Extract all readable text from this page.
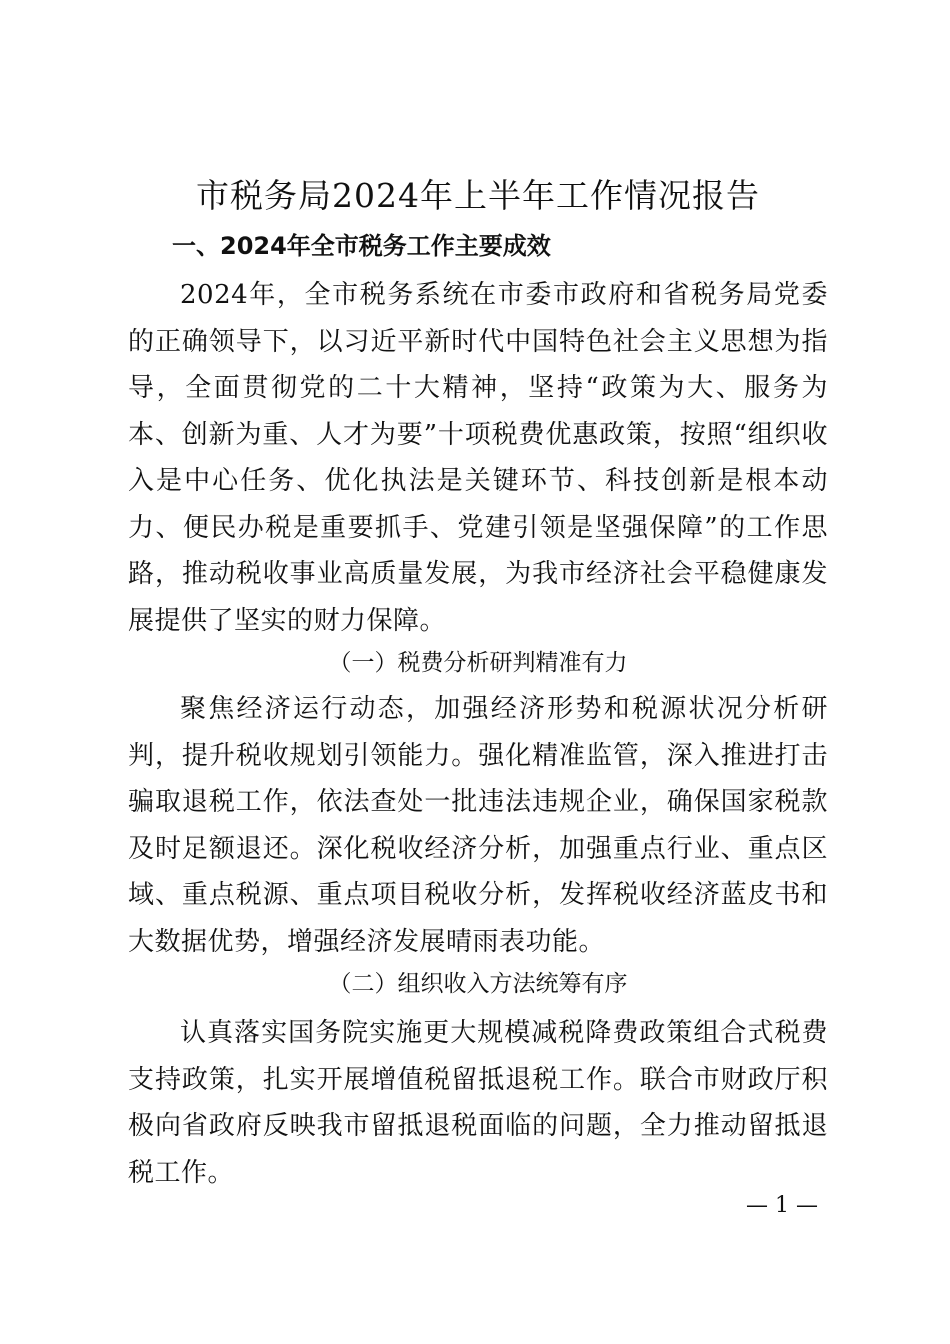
市税务局2024年上半年工作情况报告
一、2024年全市税务工作主要成效
2024年，全市税务系统在市委市政府和省税务局党委的正确领导下，以习近平新时代中国特色社会主义思想为指导，全面贯彻党的二十大精神，坚持“政策为大、服务为本、创新为重、人才为要”十项税费优惠政策，按照“组织收入是中心任务、优化执法是关键环节、科技创新是根本动力、便民办税是重要抓手、党建引领是坚强保障”的工作思路，推动税收事业高质量发展，为我市经济社会平稳健康发展提供了坚实的财力保障。
（一）税费分析研判精准有力
聚焦经济运行动态，加强经济形势和税源状况分析研判，提升税收规划引领能力。强化精准监管，深入推进打击骗取退税工作，依法查处一批违法违规企业，确保国家税款及时足额退还。深化税收经济分析，加强重点行业、重点区域、重点税源、重点项目税收分析，发挥税收经济蓝皮书和大数据优势，增强经济发展晴雨表功能。
（二）组织收入方法统筹有序
认真落实国务院实施更大规模减税降费政策组合式税费支持政策，扎实开展增值税留抵退税工作。联合市财政厅积极向省政府反映我市留抵退税面临的问题，全力推动留抵退税工作。
— 1 —
